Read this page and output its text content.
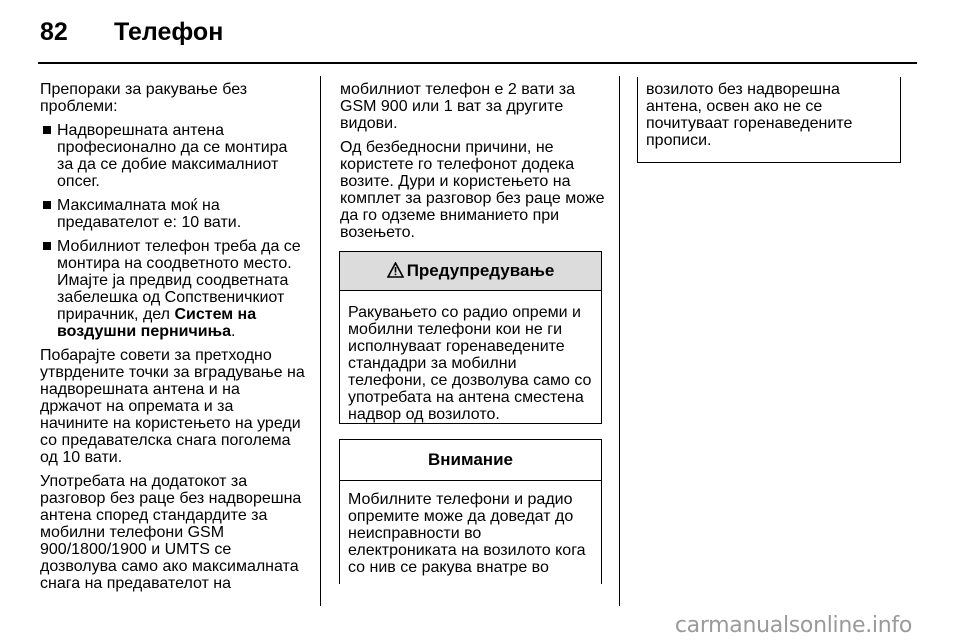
82 Телефон

Препораки за ракување без проблеми:

Надворешната антена професионално да се монтира за да се добие максималниот опсег.
Максималната моќ на предавателот е: 10 вати.
Мобилниот телефон треба да се монтира на соодветното место. Имајте ја предвид соодветната забелешка од Сопственичкиот прирачник, дел Систем на воздушни перничиња.

Побарајте совети за претходно утврдените точки за вградување на надворешната антена и на држачот на опремата и за начините на користењето на уреди со предавателска снага поголема од 10 вати.

Употребата на додатокот за разговор без раце без надворешна антена според стандардите за мобилни телефони GSM 900/1800/1900 и UMTS се дозволува само ако максималната снага на предавателот на

мобилниот телефон е 2 вати за GSM 900 или 1 ват за другите видови.

Од безбедносни причини, не користете го телефонот додека возите. Дури и користењето на комплет за разговор без раце може да го одземе вниманието при возењето.

Предупредување
Ракувањето со радио опреми и мобилни телефони кои не ги исполнуваат горенаведените стандадри за мобилни телефони, се дозволува само со употребата на антена сместена надвор од возилото.
Внимание
Мобилните телефони и радио опремите може да доведат до неисправности во електрониката на возилото кога со нив се ракува внатре во
возилото без надворешна антена, освен ако не се почитуваат горенаведените прописи.
carmanualsonline.info
